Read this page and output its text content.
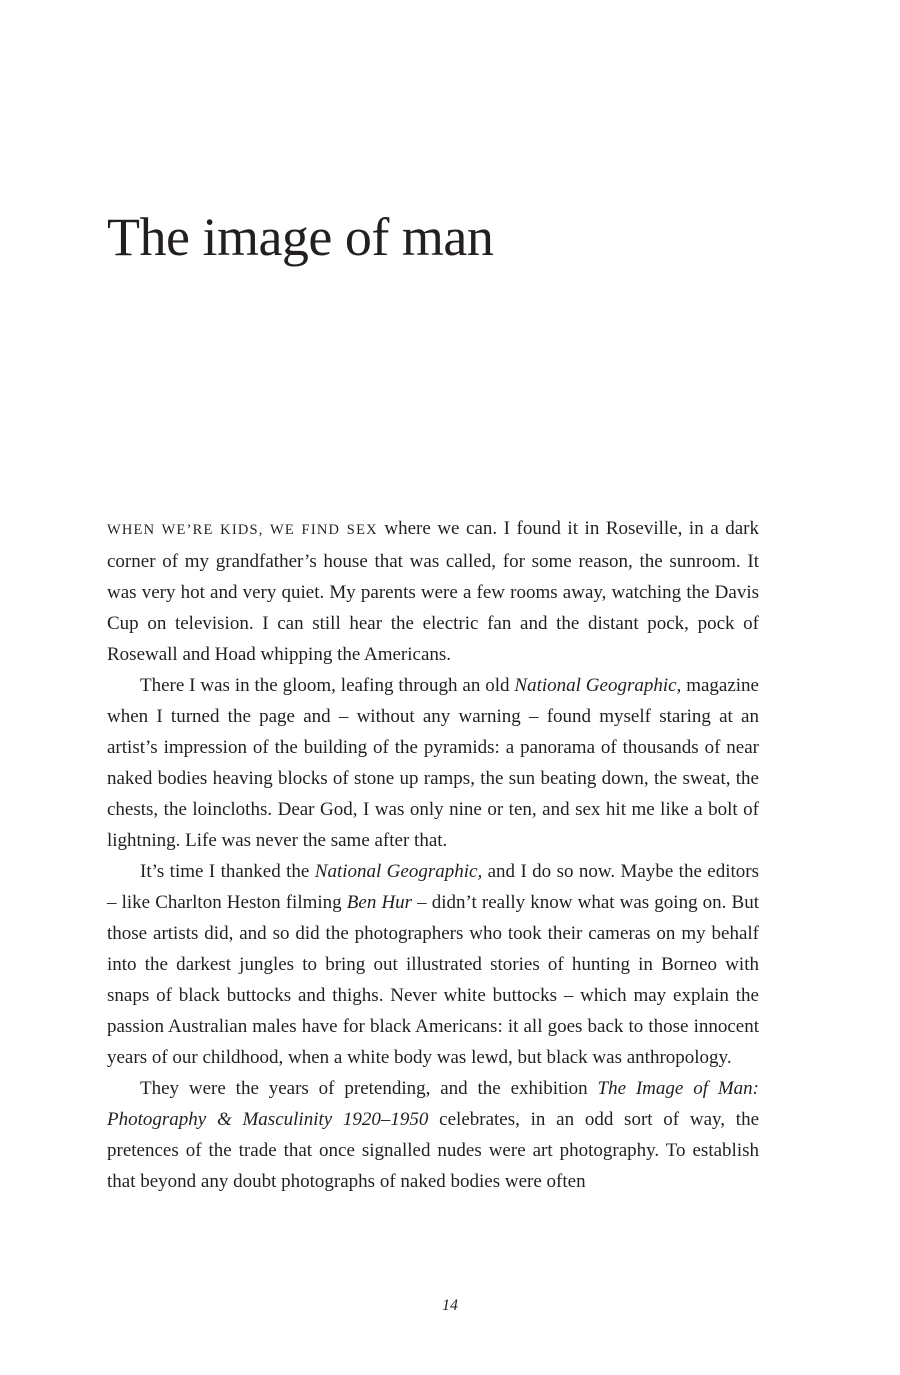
The image of man

WHEN WE’RE KIDS, WE FIND SEX where we can. I found it in Roseville, in a dark corner of my grandfather’s house that was called, for some reason, the sunroom. It was very hot and very quiet. My parents were a few rooms away, watching the Davis Cup on television. I can still hear the electric fan and the distant pock, pock of Rosewall and Hoad whipping the Americans.

There I was in the gloom, leafing through an old National Geographic, magazine when I turned the page and – without any warning – found myself staring at an artist’s impression of the building of the pyramids: a panorama of thousands of near naked bodies heaving blocks of stone up ramps, the sun beating down, the sweat, the chests, the loincloths. Dear God, I was only nine or ten, and sex hit me like a bolt of lightning. Life was never the same after that.

It’s time I thanked the National Geographic, and I do so now. Maybe the editors – like Charlton Heston filming Ben Hur – didn’t really know what was going on. But those artists did, and so did the photographers who took their cameras on my behalf into the darkest jungles to bring out illustrated stories of hunting in Borneo with snaps of black buttocks and thighs. Never white buttocks – which may explain the passion Australian males have for black Americans: it all goes back to those innocent years of our childhood, when a white body was lewd, but black was anthropology.

They were the years of pretending, and the exhibition The Image of Man: Photography & Masculinity 1920–1950 celebrates, in an odd sort of way, the pretences of the trade that once signalled nudes were art photography. To establish that beyond any doubt photographs of naked bodies were often

14
